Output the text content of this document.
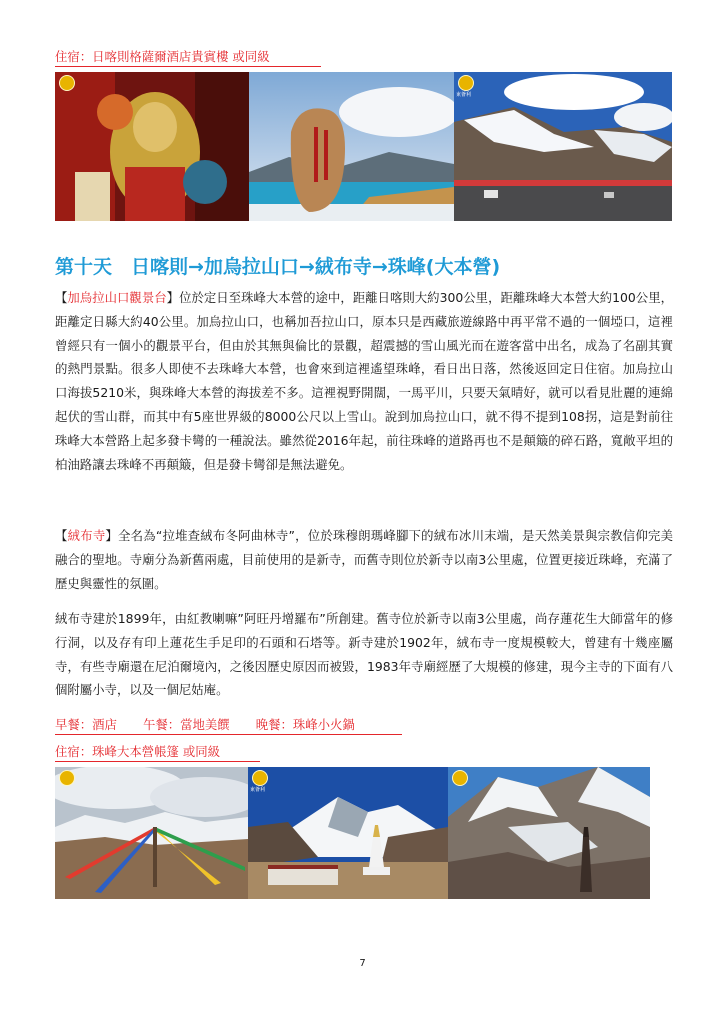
住宿：日喀則格薩爾酒店貴賓樓 或同級
東薈利
第十天　日喀則→加烏拉山口→絨布寺→珠峰(大本營)
【加烏拉山口觀景台】位於定日至珠峰大本營的途中，距離日喀則大約300公里，距離珠峰大本營大約100公里，距離定日縣大約40公里。加烏拉山口，也稱加吾拉山口，原本只是西藏旅遊線路中再平常不過的一個埡口，這裡曾經只有一個小的觀景平台，但由於其無與倫比的景觀，超震撼的雪山風光而在遊客當中出名，成為了名副其實的熱門景點。很多人即使不去珠峰大本營，也會來到這裡遙望珠峰，看日出日落，然後返回定日住宿。加烏拉山口海拔5210米，與珠峰大本營的海拔差不多。這裡視野開闊，一馬平川，只要天氣晴好，就可以看見壯麗的連綿起伏的雪山群，而其中有5座世界級的8000公尺以上雪山。說到加烏拉山口，就不得不提到108拐，這是對前往珠峰大本營路上起多發卡彎的一種說法。雖然從2016年起，前往珠峰的道路再也不是顛簸的碎石路，寬敞平坦的柏油路讓去珠峰不再顛簸，但是發卡彎卻是無法避免。
【絨布寺】全名為“拉堆查絨布冬阿曲林寺”，位於珠穆朗瑪峰腳下的絨布冰川末端，是天然美景與宗教信仰完美融合的聖地。寺廟分為新舊兩處，目前使用的是新寺，而舊寺則位於新寺以南3公里處，位置更接近珠峰，充滿了歷史與靈性的氛圍。
絨布寺建於1899年，由紅教喇嘛”阿旺丹增羅布”所創建。舊寺位於新寺以南3公里處，尚存蓮花生大師當年的修行洞，以及存有印上蓮花生手足印的石頭和石塔等。新寺建於1902年，絨布寺一度規模較大，曾建有十幾座屬寺，有些寺廟還在尼泊爾境內，之後因歷史原因而被毀，1983年寺廟經歷了大規模的修建，現今主寺的下面有八個附屬小寺，以及一個尼姑庵。
早餐：酒店 午餐：當地美饌 晚餐：珠峰小火鍋
住宿：珠峰大本營帳篷 或同級
東薈利
7
